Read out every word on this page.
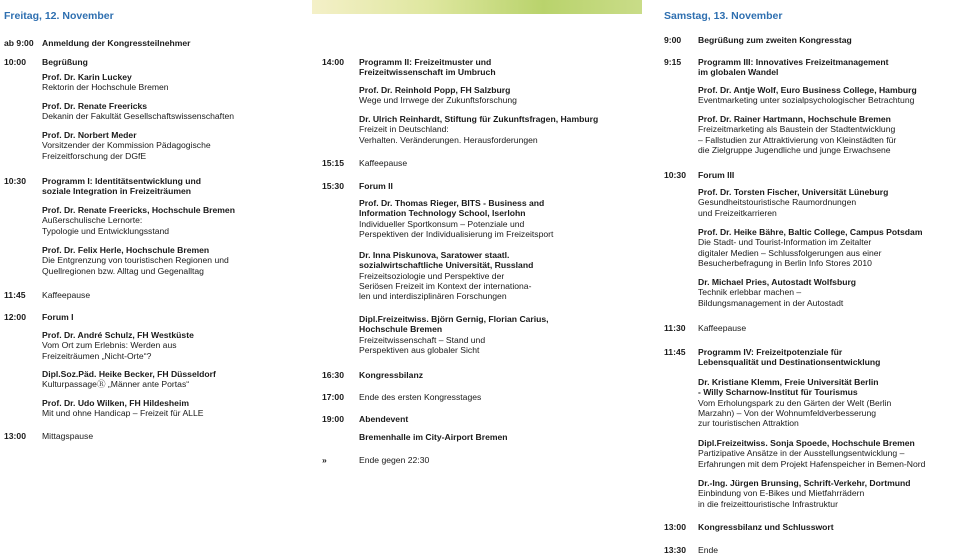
Freitag, 12. November
ab 9:00 Anmeldung der Kongressteilnehmer
10:00 Begrüßung
Prof. Dr. Karin Luckey
Rektorin der Hochschule Bremen
Prof. Dr. Renate Freericks
Dekanin der Fakultät Gesellschaftswissenschaften
Prof. Dr. Norbert Meder
Vorsitzender der Kommission Pädagogische
Freizeitforschung der DGfE
10:30 Programm I: Identitätsentwicklung und
soziale Integration in Freizeiträumen
Prof. Dr. Renate Freericks, Hochschule Bremen
Außerschulische Lernorte:
Typologie und Entwicklungsstand
Prof. Dr. Felix Herle, Hochschule Bremen
Die Entgrenzung von touristischen Regionen und
Quellregionen bzw. Alltag und Gegenalltag
11:45 Kaffeepause
12:00 Forum I
Prof. Dr. André Schulz, FH Westküste
Vom Ort zum Erlebnis: Werden aus
Freizeiträumen „Nicht-Orte“?
Dipl.Soz.Päd. Heike Becker, FH Düsseldorf
KulturpassageⓇ „Männer ante Portas“
Prof. Dr. Udo Wilken, FH Hildesheim
Mit und ohne Handicap – Freizeit für ALLE
13:00 Mittagspause
14:00 Programm II: Freizeitmuster und
Freizeitwissenschaft im Umbruch
Prof. Dr. Reinhold Popp, FH Salzburg
Wege und Irrwege der Zukunftsforschung
Dr. Ulrich Reinhardt, Stiftung für Zukunftsfragen, Hamburg
Freizeit in Deutschland:
Verhalten. Veränderungen. Herausforderungen
15:15 Kaffeepause
15:30 Forum II
Prof. Dr. Thomas Rieger, BITS - Business and
Information Technology School, Iserlohn
Individueller Sportkonsum – Potenziale und
Perspektiven der Individualisierung im Freizeitsport
Dr. Inna Piskunova, Saratower staatl.
sozialwirtschaftliche Universität, Russland
Freizeitsoziologie und Perspektive der
Seriösen Freizeit im Kontext der internationa-
len und interdisziplinären Forschungen
Dipl.Freizeitwiss. Björn Gernig, Florian Carius,
Hochschule Bremen
Freizeitwissenschaft – Stand und
Perspektiven aus globaler Sicht
16:30 Kongressbilanz
17:00 Ende des ersten Kongresstages
19:00 Abendevent
Bremenhalle im City-Airport Bremen
»	Ende gegen 22:30
Samstag, 13. November
9:00 Begrüßung zum zweiten Kongresstag
9:15 Programm III: Innovatives Freizeitmanagement
im globalen Wandel
Prof. Dr. Antje Wolf, Euro Business College, Hamburg
Eventmarketing unter sozialpsychologischer Betrachtung
Prof. Dr. Rainer Hartmann, Hochschule Bremen
Freizeitmarketing als Baustein der Stadtentwicklung
– Fallstudien zur Attraktivierung von Kleinstädten für
die Zielgruppe Jugendliche und junge Erwachsene
10:30 Forum III
Prof. Dr. Torsten Fischer, Universität Lüneburg
Gesundheitstouristische Raumordnungen
und Freizeitkarrieren
Prof. Dr. Heike Bähre, Baltic College, Campus Potsdam
Die Stadt- und Tourist-Information im Zeitalter
digitaler Medien – Schlussfolgerungen aus einer
Besucherbefragung in Berlin Info Stores 2010
Dr. Michael Pries, Autostadt Wolfsburg
Technik erlebbar machen –
Bildungsmanagement in der Autostadt
11:30 Kaffeepause
11:45 Programm IV: Freizeitpotenziale für
Lebensqualität und Destinationsentwicklung
Dr. Kristiane Klemm, Freie Universität Berlin
- Willy Scharnow-Institut für Tourismus
Vom Erholungspark zu den Gärten der Welt (Berlin
Marzahn) – Von der Wohnumfeldverbesserung
zur touristischen Attraktion
Dipl.Freizeitwiss. Sonja Spoede, Hochschule Bremen
Partizipative Ansätze in der Ausstellungsentwicklung –
Erfahrungen mit dem Projekt Hafenspeicher in Bemen-Nord
Dr.-Ing. Jürgen Brunsing, Schrift-Verkehr, Dortmund
Einbindung von E-Bikes und Mietfahrrädern
in die freizeittouristische Infrastruktur
13:00 Kongressbilanz und Schlusswort
13:30 Ende
